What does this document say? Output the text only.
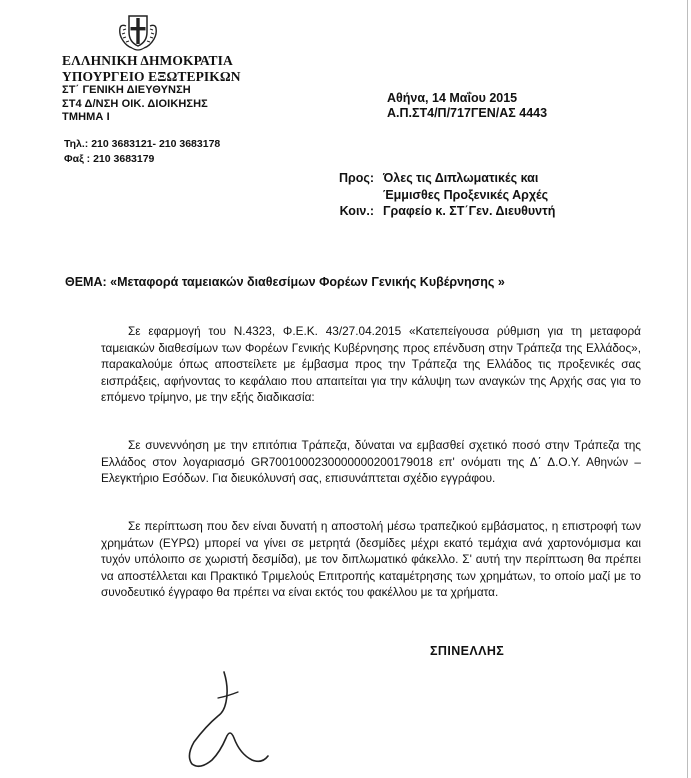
ΕΛΛΗΝΙΚΗ ΔΗΜΟΚΡΑΤΙΑ
ΥΠΟΥΡΓΕΙΟ ΕΞΩΤΕΡΙΚΩΝ
ΣΤ΄ ΓΕΝΙΚΗ ΔΙΕΥΘΥΝΣΗ
ΣΤ4 Δ/ΝΣΗ ΟΙΚ. ΔΙΟΙΚΗΣΗΣ
ΤΜΗΜΑ Ι
Τηλ.: 210 3683121- 210 3683178
Φαξ : 210 3683179
Αθήνα, 14 Μαΐου 2015
Α.Π.ΣΤ4/Π/717ΓΕΝ/ΑΣ 4443
Προς: Όλες τις Διπλωματικές και
Έμμισθες Προξενικές Αρχές
Κοιν.: Γραφείο κ. ΣΤ΄Γεν. Διευθυντή
ΘΕΜΑ: «Μεταφορά ταμειακών διαθεσίμων Φορέων Γενικής Κυβέρνησης »

Σε εφαρμογή του Ν.4323, Φ.Ε.Κ. 43/27.04.2015 «Κατεπείγουσα ρύθμιση για τη μεταφορά ταμειακών διαθεσίμων των Φορέων Γενικής Κυβέρνησης προς επένδυση στην Τράπεζα της Ελλάδος», παρακαλούμε όπως αποστείλετε με έμβασμα προς την Τράπεζα της Ελλάδος τις προξενικές σας εισπράξεις, αφήνοντας το κεφάλαιο που απαιτείται για την κάλυψη των αναγκών της Αρχής σας για το επόμενο τρίμηνο, με την εξής διαδικασία:

Σε συνεννόηση με την επιτόπια Τράπεζα, δύναται να εμβασθεί σχετικό ποσό στην Τράπεζα της Ελλάδος στον λογαριασμό GR7001000230000000200179018 επ' ονόματι της Δ΄ Δ.Ο.Υ. Αθηνών – Ελεγκτήριο Εσόδων. Για διευκόλυνσή σας, επισυνάπτεται σχέδιο εγγράφου.

Σε περίπτωση που δεν είναι δυνατή η αποστολή μέσω τραπεζικού εμβάσματος, η επιστροφή των χρημάτων (ΕΥΡΩ) μπορεί να γίνει σε μετρητά (δεσμίδες μέχρι εκατό τεμάχια ανά χαρτονόμισμα και τυχόν υπόλοιπο σε χωριστή δεσμίδα), με τον διπλωματικό φάκελλο. Σ' αυτή την περίπτωση θα πρέπει να αποστέλλεται και Πρακτικό Τριμελούς Επιτροπής καταμέτρησης των χρημάτων, το οποίο μαζί με το συνοδευτικό έγγραφο θα πρέπει να είναι εκτός του φακέλλου με τα χρήματα.

ΣΠΙΝΕΛΛΗΣ
